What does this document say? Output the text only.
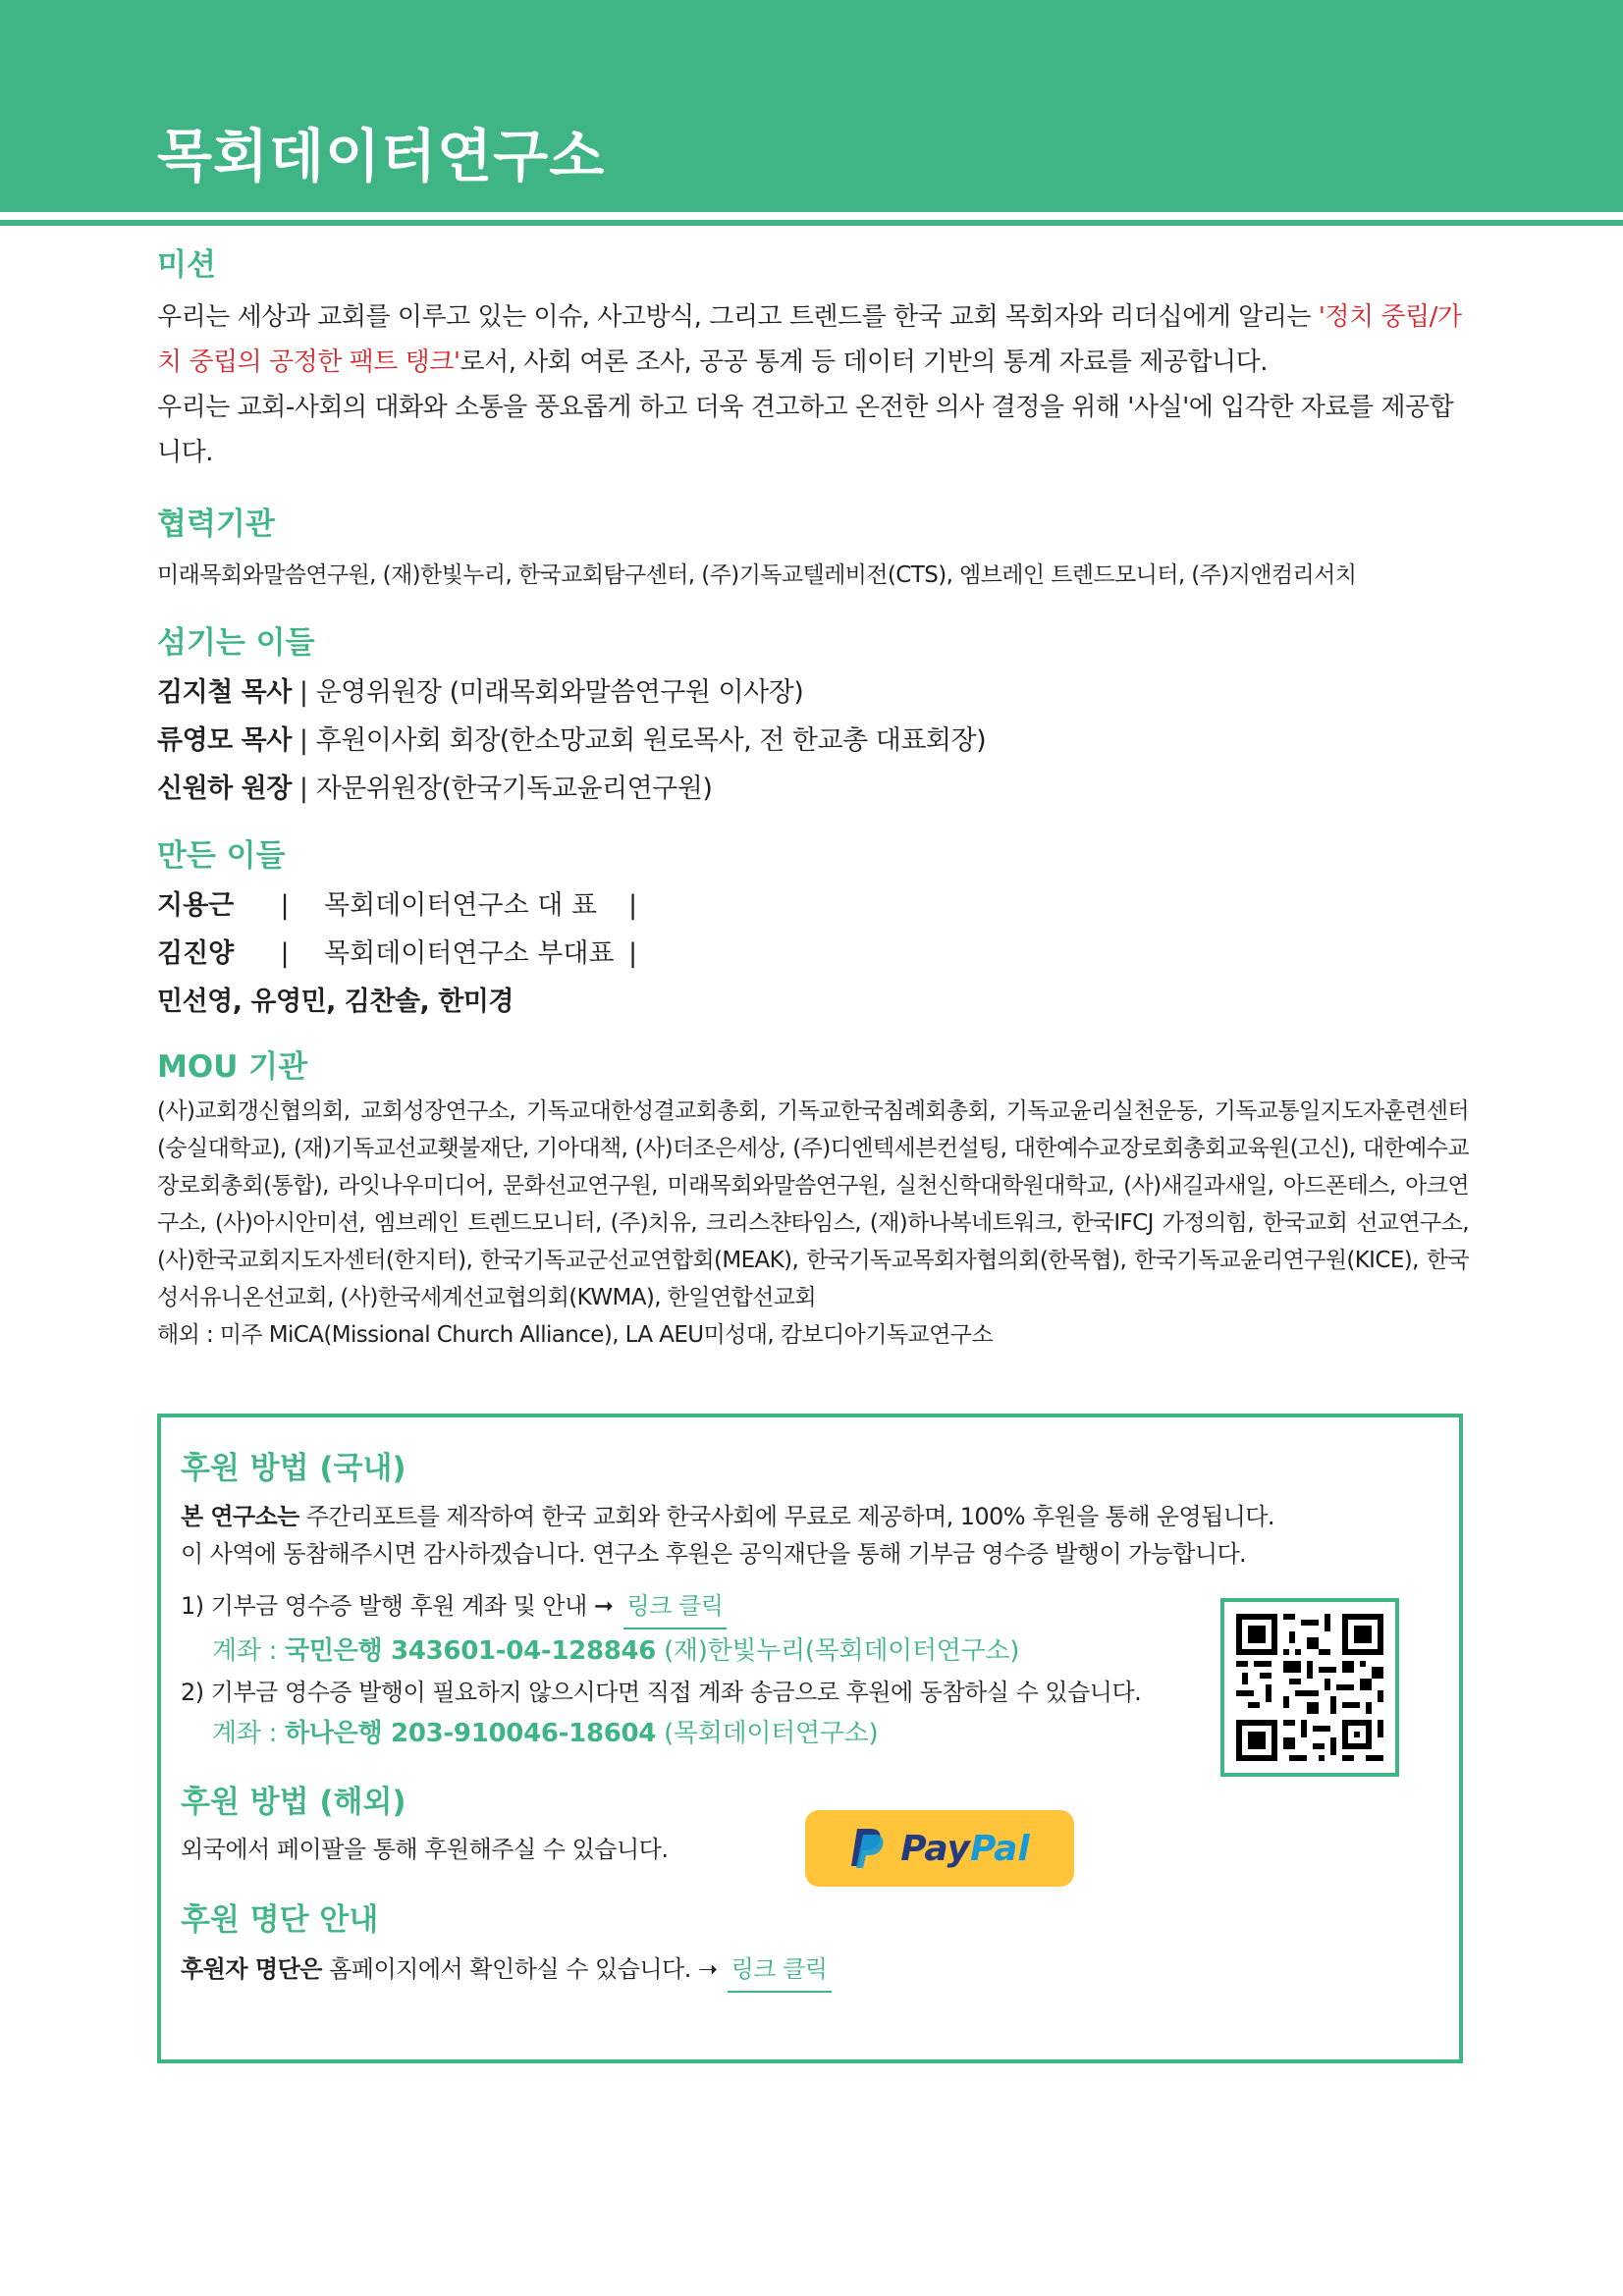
목회데이터연구소
미션

우리는 세상과 교회를 이루고 있는 이슈, 사고방식, 그리고 트렌드를 한국 교회 목회자와 리더십에게 알리는 '정치 중립/가치 중립의 공정한 팩트 탱크'로서, 사회 여론 조사, 공공 통계 등 데이터 기반의 통계 자료를 제공합니다.

우리는 교회-사회의 대화와 소통을 풍요롭게 하고 더욱 견고하고 온전한 의사 결정을 위해 '사실'에 입각한 자료를 제공합니다.

협력기관

미래목회와말씀연구원, (재)한빛누리, 한국교회탐구센터, (주)기독교텔레비전(CTS), 엠브레인 트렌드모니터, (주)지앤컴리서치

섬기는 이들

김지철 목사 | 운영위원장 (미래목회와말씀연구원 이사장)

류영모 목사 | 후원이사회 회장(한소망교회 원로목사, 전 한교총 대표회장)

신원하 원장 | 자문위원장(한국기독교윤리연구원)

만든 이들
지용근	|	목회데이터연구소 대 표	|
김진양	|	목회데이터연구소 부대표 |

민선영, 유영민, 김찬솔, 한미경

MOU 기관

(사)교회갱신협의회, 교회성장연구소, 기독교대한성결교회총회, 기독교한국침례회총회, 기독교윤리실천운동, 기독교통일지도자훈련센터(숭실대학교), (재)기독교선교횃불재단, 기아대책, (사)더조은세상, (주)디엔텍세븐컨설팅, 대한예수교장로회총회교육원(고신), 대한예수교장로회총회(통합), 라잇나우미디어, 문화선교연구원, 미래목회와말씀연구원, 실천신학대학원대학교, (사)새길과새일, 아드폰테스, 아크연구소, (사)아시안미션, 엠브레인 트렌드모니터, (주)치유, 크리스챤타임스, (재)하나복네트워크, 한국IFCJ 가정의힘, 한국교회 선교연구소, (사)한국교회지도자센터(한지터), 한국기독교군선교연합회(MEAK), 한국기독교목회자협의회(한목협), 한국기독교윤리연구원(KICE), 한국성서유니온선교회, (사)한국세계선교협의회(KWMA), 한일연합선교회

해외 : 미주 MiCA(Missional Church Alliance), LA AEU미성대, 캄보디아기독교연구소

후원 방법 (국내)

본 연구소는 주간리포트를 제작하여 한국 교회와 한국사회에 무료로 제공하며, 100% 후원을 통해 운영됩니다.

이 사역에 동참해주시면 감사하겠습니다. 연구소 후원은 공익재단을 통해 기부금 영수증 발행이 가능합니다.

1) 기부금 영수증 발행 후원 계좌 및 안내 ➞ 링크 클릭

계좌 : 국민은행 343601-04-128846 (재)한빛누리(목회데이터연구소)

2) 기부금 영수증 발행이 필요하지 않으시다면 직접 계좌 송금으로 후원에 동참하실 수 있습니다.

계좌 : 하나은행 203-910046-18604 (목회데이터연구소)

후원 방법 (해외)

외국에서 페이팔을 통해 후원해주실 수 있습니다.

후원 명단 안내

후원자 명단은 홈페이지에서 확인하실 수 있습니다. ➝ 링크 클릭

PayPal
